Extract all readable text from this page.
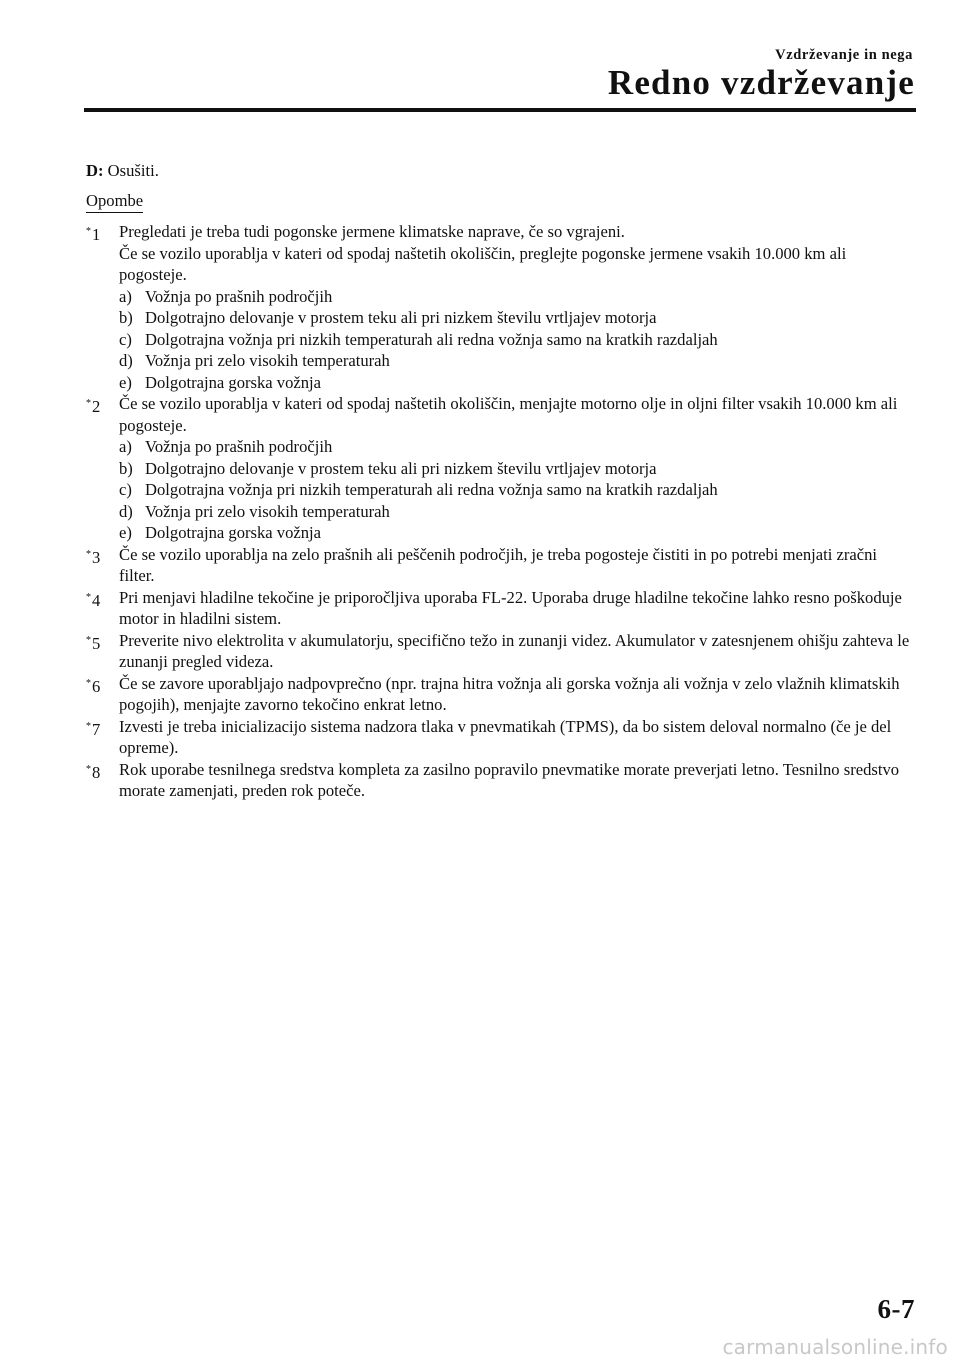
Vzdrževanje in nega
Redno vzdrževanje

D: Osušiti.

Opombe
*1 Pregledati je treba tudi pogonske jermene klimatske naprave, če so vgrajeni.

Če se vozilo uporablja v kateri od spodaj naštetih okoliščin, preglejte pogonske jermene vsakih 10.000 km ali pogosteje.

a) Vožnja po prašnih področjih
b) Dolgotrajno delovanje v prostem teku ali pri nizkem številu vrtljajev motorja
c) Dolgotrajna vožnja pri nizkih temperaturah ali redna vožnja samo na kratkih razdaljah
d) Vožnja pri zelo visokih temperaturah
e) Dolgotrajna gorska vožnja
*2 Če se vozilo uporablja v kateri od spodaj naštetih okoliščin, menjajte motorno olje in oljni filter vsakih 10.000 km ali pogosteje.

a) Vožnja po prašnih področjih
b) Dolgotrajno delovanje v prostem teku ali pri nizkem številu vrtljajev motorja
c) Dolgotrajna vožnja pri nizkih temperaturah ali redna vožnja samo na kratkih razdaljah
d) Vožnja pri zelo visokih temperaturah
e) Dolgotrajna gorska vožnja
*3 Če se vozilo uporablja na zelo prašnih ali peščenih področjih, je treba pogosteje čistiti in po potrebi menjati zračni filter.

*4 Pri menjavi hladilne tekočine je priporočljiva uporaba FL-22. Uporaba druge hladilne tekočine lahko resno poškoduje motor in hladilni sistem.

*5 Preverite nivo elektrolita v akumulatorju, specifično težo in zunanji videz. Akumulator v zatesnjenem ohišju zahteva le zunanji pregled videza.

*6 Če se zavore uporabljajo nadpovprečno (npr. trajna hitra vožnja ali gorska vožnja ali vožnja v zelo vlažnih klimatskih pogojih), menjajte zavorno tekočino enkrat letno.

*7 Izvesti je treba inicializacijo sistema nadzora tlaka v pnevmatikah (TPMS), da bo sistem deloval normalno (če je del opreme).

*8 Rok uporabe tesnilnega sredstva kompleta za zasilno popravilo pnevmatike morate preverjati letno. Tesnilno sredstvo morate zamenjati, preden rok poteče.

6-7
carmanualsonline.info
